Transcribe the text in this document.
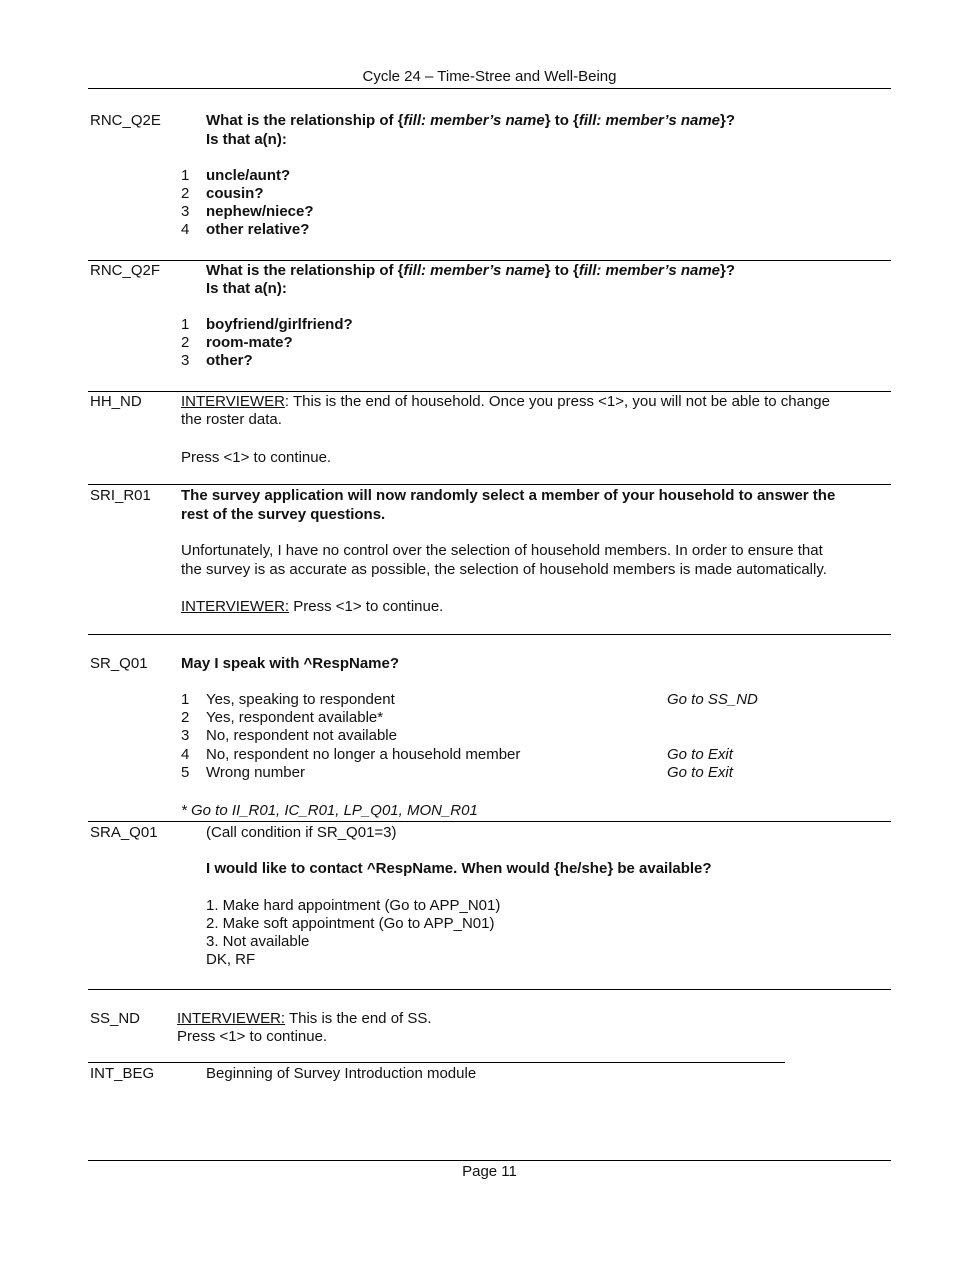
Cycle 24 – Time-Stree and Well-Being
RNC_Q2E	What is the relationship of {fill: member’s name} to {fill: member’s name}?
Is that a(n):
1 uncle/aunt?
2 cousin?
3 nephew/niece?
4 other relative?
RNC_Q2F	What is the relationship of {fill: member’s name} to {fill: member’s name}?
Is that a(n):
1 boyfriend/girlfriend?
2 room-mate?
3 other?
HH_ND	INTERVIEWER: This is the end of household. Once you press <1>, you will not be able to change
the roster data.
Press <1> to continue.
SRI_R01 The survey application will now randomly select a member of your household to answer the
rest of the survey questions.
Unfortunately, I have no control over the selection of household members. In order to ensure that
the survey is as accurate as possible, the selection of household members is made automatically.
INTERVIEWER: Press <1> to continue.
SR_Q01 May I speak with ^RespName?
1 Yes, speaking to respondent	Go to SS_ND
2 Yes, respondent available*
3 No, respondent not available
4 No, respondent no longer a household member	Go to Exit
5 Wrong number	Go to Exit
* Go to II_R01, IC_R01, LP_Q01, MON_R01
SRA_Q01	(Call condition if SR_Q01=3)
I would like to contact ^RespName. When would {he/she} be available?
1. Make hard appointment (Go to APP_N01)
2. Make soft appointment (Go to APP_N01)
3. Not available
DK, RF
SS_ND INTERVIEWER: This is the end of SS.
Press <1> to continue.
INT_BEG	Beginning of Survey Introduction module
Page 11
